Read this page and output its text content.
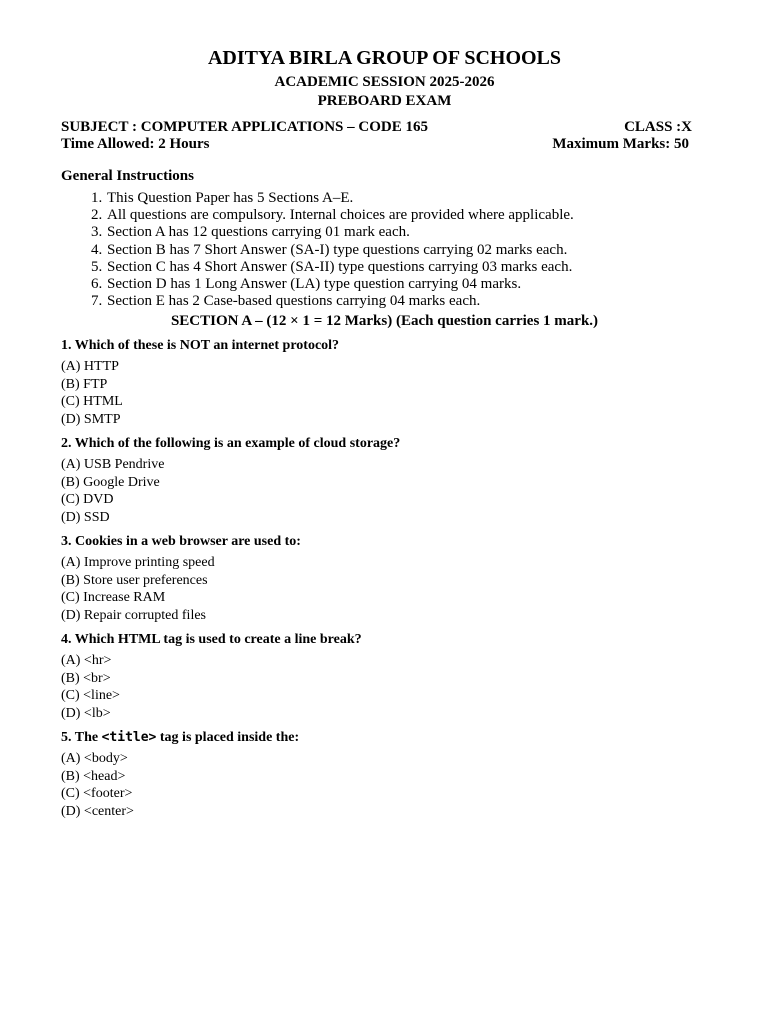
ADITYA BIRLA GROUP OF SCHOOLS
ACADEMIC SESSION 2025-2026
PREBOARD EXAM
SUBJECT : COMPUTER APPLICATIONS – CODE 165	CLASS :X
Time Allowed: 2 Hours	Maximum Marks: 50
General Instructions
1. This Question Paper has 5 Sections A–E.
2. All questions are compulsory. Internal choices are provided where applicable.
3. Section A has 12 questions carrying 01 mark each.
4. Section B has 7 Short Answer (SA-I) type questions carrying 02 marks each.
5. Section C has 4 Short Answer (SA-II) type questions carrying 03 marks each.
6. Section D has 1 Long Answer (LA) type question carrying 04 marks.
7. Section E has 2 Case-based questions carrying 04 marks each.
SECTION A – (12 × 1 = 12 Marks) (Each question carries 1 mark.)
1. Which of these is NOT an internet protocol?
(A) HTTP
(B) FTP
(C) HTML
(D) SMTP
2. Which of the following is an example of cloud storage?
(A) USB Pendrive
(B) Google Drive
(C) DVD
(D) SSD
3. Cookies in a web browser are used to:
(A) Improve printing speed
(B) Store user preferences
(C) Increase RAM
(D) Repair corrupted files
4. Which HTML tag is used to create a line break?
(A) <hr>
(B) <br>
(C) <line>
(D) <lb>
5. The <title> tag is placed inside the:
(A) <body>
(B) <head>
(C) <footer>
(D) <center>
